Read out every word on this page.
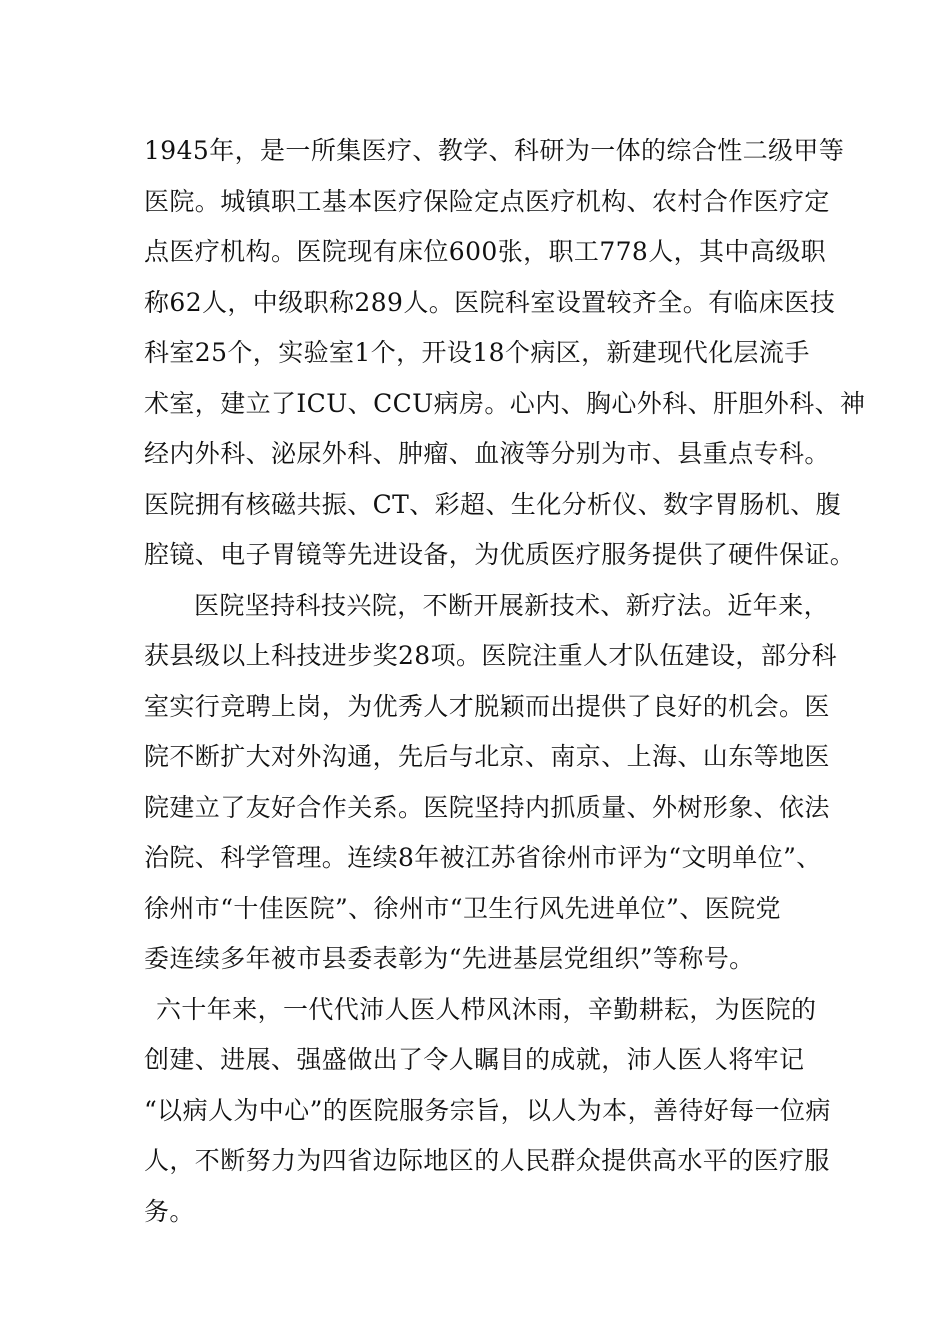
1945年，是一所集医疗、教学、科研为一体的综合性二级甲等
医院。城镇职工基本医疗保险定点医疗机构、农村合作医疗定
点医疗机构。医院现有床位600张，职工778人，其中高级职
称62人，中级职称289人。医院科室设置较齐全。有临床医技
科室25个，实验室1个，开设18个病区，新建现代化层流手
术室，建立了ICU、CCU病房。心内、胸心外科、肝胆外科、神
经内外科、泌尿外科、肿瘤、血液等分别为市、县重点专科。
医院拥有核磁共振、CT、彩超、生化分析仪、数字胃肠机、腹
腔镜、电子胃镜等先进设备，为优质医疗服务提供了硬件保证。
医院坚持科技兴院，不断开展新技术、新疗法。近年来，
获县级以上科技进步奖28项。医院注重人才队伍建设，部分科
室实行竞聘上岗，为优秀人才脱颖而出提供了良好的机会。医
院不断扩大对外沟通，先后与北京、南京、上海、山东等地医
院建立了友好合作关系。医院坚持内抓质量、外树形象、依法
治院、科学管理。连续8年被江苏省徐州市评为“文明单位”、
徐州市“十佳医院”、徐州市“卫生行风先进单位”、医院党
委连续多年被市县委表彰为“先进基层党组织”等称号。
六十年来，一代代沛人医人栉风沐雨，辛勤耕耘，为医院的
创建、进展、强盛做出了令人瞩目的成就，沛人医人将牢记
“以病人为中心”的医院服务宗旨，以人为本，善待好每一位病
人，不断努力为四省边际地区的人民群众提供高水平的医疗服
务。
